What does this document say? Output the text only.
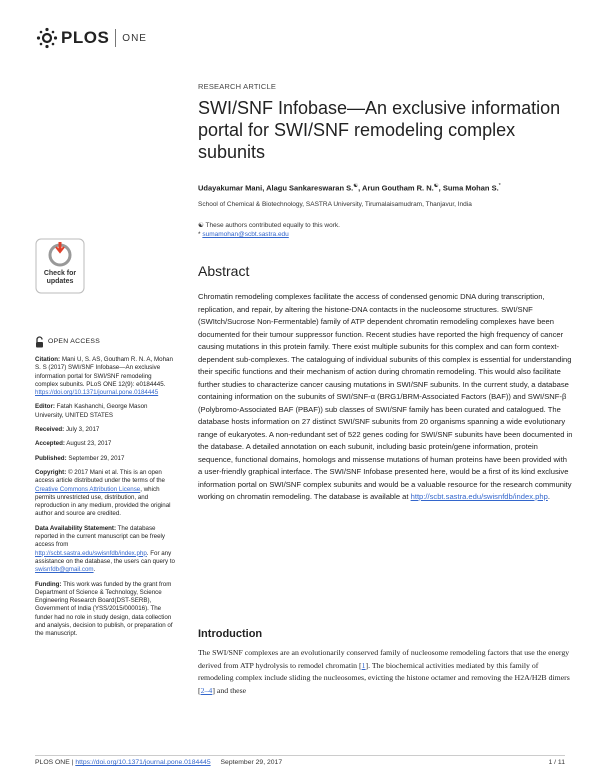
PLOS ONE
RESEARCH ARTICLE
SWI/SNF Infobase—An exclusive information portal for SWI/SNF remodeling complex subunits
Udayakumar Mani, Alagu Sankareswaran S.☯, Arun Goutham R. N.☯, Suma Mohan S.*
School of Chemical & Biotechnology, SASTRA University, Tirumalaisamudram, Thanjavur, India
☯ These authors contributed equally to this work.
* sumamohan@scbt.sastra.edu
Check for
updates
OPEN ACCESS
Citation: Mani U, S. AS, Goutham R. N. A, Mohan S. S (2017) SWI/SNF Infobase—An exclusive information portal for SWI/SNF remodeling complex subunits. PLoS ONE 12(9): e0184445. https://doi.org/10.1371/journal.pone.0184445
Editor: Fatah Kashanchi, George Mason University, UNITED STATES
Received: July 3, 2017
Accepted: August 23, 2017
Published: September 29, 2017
Copyright: © 2017 Mani et al. This is an open access article distributed under the terms of the Creative Commons Attribution License, which permits unrestricted use, distribution, and reproduction in any medium, provided the original author and source are credited.
Data Availability Statement: The database reported in the current manuscript can be freely access from http://scbt.sastra.edu/swisnfdb/index.php. For any assistance on the database, the users can query to swisnfdb@gmail.com.
Funding: This work was funded by the grant from Department of Science & Technology, Science Engineering Research Board(DST-SERB), Government of India (YSS/2015/000016). The funder had no role in study design, data collection and analysis, decision to publish, or preparation of the manuscript.
Abstract
Chromatin remodeling complexes facilitate the access of condensed genomic DNA during transcription, replication, and repair, by altering the histone-DNA contacts in the nucleosome structures. SWI/SNF (SWItch/Sucrose Non-Fermentable) family of ATP dependent chromatin remodeling complexes have been documented for their tumour suppressor function. Recent studies have reported the high frequency of cancer causing mutations in this protein family. There exist multiple subunits for this complex and can form context-dependent sub-complexes. The cataloguing of individual subunits of this complex is essential for understanding their specific functions and their mechanism of action during chromatin remodeling. This would also facilitate further studies to characterize cancer causing mutations in SWI/SNF subunits. In the current study, a database containing information on the subunits of SWI/SNF-α (BRG1/BRM-Associated Factors (BAF)) and SWI/SNF-β (Polybromo-Associated BAF (PBAF)) sub classes of SWI/SNF family has been curated and catalogued. The database hosts information on 27 distinct SWI/SNF subunits from 20 organisms spanning a wide evolutionary range of eukaryotes. A non-redundant set of 522 genes coding for SWI/SNF subunits have been documented in the database. A detailed annotation on each subunit, including basic protein/gene information, protein sequence, functional domains, homologs and missense mutations of human proteins have been provided with a user-friendly graphical interface. The SWI/SNF Infobase presented here, would be a first of its kind exclusive information portal on SWI/SNF complex subunits and would be a valuable resource for the research community working on chromatin remodeling. The database is available at http://scbt.sastra.edu/swisnfdb/index.php.
Introduction
The SWI/SNF complexes are an evolutionarily conserved family of nucleosome remodeling factors that use the energy derived from ATP hydrolysis to remodel chromatin [1]. The biochemical activities mediated by this family of remodeling complex include sliding the nucleosomes, evicting the histone octamer and removing the H2A/H2B dimers [2–4] and these
PLOS ONE | https://doi.org/10.1371/journal.pone.0184445 September 29, 2017	1 / 11
